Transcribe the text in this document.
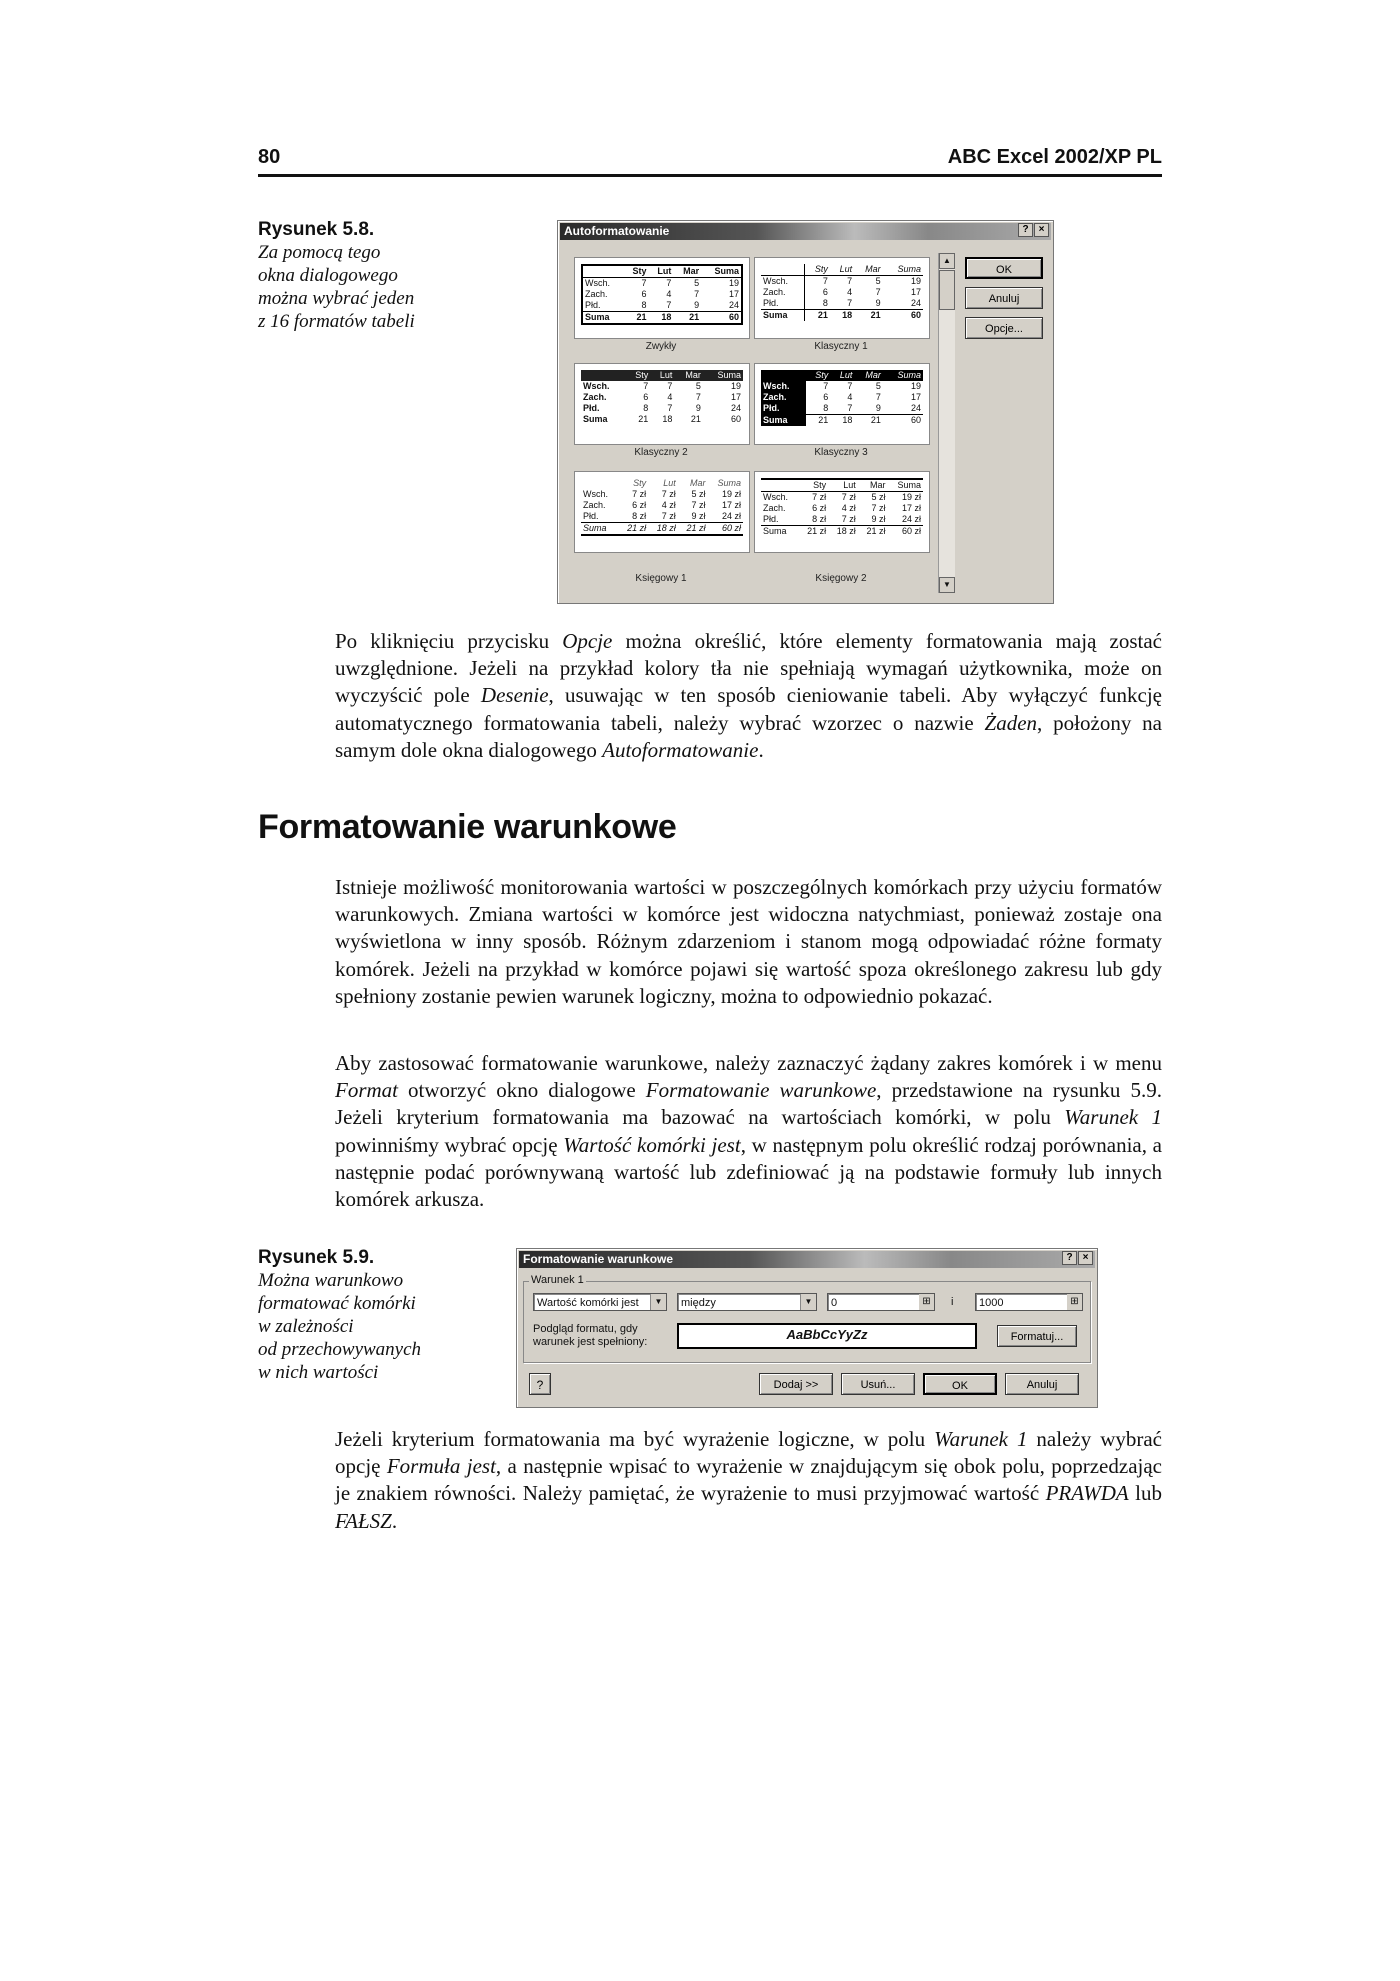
80	ABC Excel 2002/XP PL
Rysunek 5.8.
Za pomocą tego
okna dialogowego
można wybrać jeden
z 16 formatów tabeli
Autoformatowanie	?	×
	Sty	Lut	Mar	Suma
Wsch.	7	7	5	19
Zach.	6	4	7	17
Płd.	8	7	9	24
Suma	21	18	21	60
Zwykły
	Sty	Lut	Mar	Suma
Wsch.	7	7	5	19
Zach.	6	4	7	17
Płd.	8	7	9	24
Suma	21	18	21	60
Klasyczny 1
	Sty	Lut	Mar	Suma
Wsch.	7	7	5	19
Zach.	6	4	7	17
Płd.	8	7	9	24
Suma	21	18	21	60
Klasyczny 2
	Sty	Lut	Mar	Suma
Wsch.	7	7	5	19
Zach.	6	4	7	17
Płd.	8	7	9	24
Suma	21	18	21	60
Klasyczny 3
	Sty	Lut	Mar	Suma
Wsch.	7 zł	7 zł	5 zł	19 zł
Zach.	6 zł	4 zł	7 zł	17 zł
Płd.	8 zł	7 zł	9 zł	24 zł
Suma	21 zł	18 zł	21 zł	60 zł
Księgowy 1
	Sty	Lut	Mar	Suma
Wsch.	7 zł	7 zł	5 zł	19 zł
Zach.	6 zł	4 zł	7 zł	17 zł
Płd.	8 zł	7 zł	9 zł	24 zł
Suma	21 zł	18 zł	21 zł	60 zł
Księgowy 2
▲
▼
OK
Anuluj
Opcje...

Po kliknięciu przycisku Opcje można określić, które elementy formatowania mają zostać uwzględnione. Jeżeli na przykład kolory tła nie spełniają wymagań użytkownika, może on wyczyścić pole Desenie, usuwając w ten sposób cieniowanie tabeli. Aby wyłączyć funkcję automatycznego formatowania tabeli, należy wybrać wzorzec o nazwie Żaden, położony na samym dole okna dialogowego Autoformatowanie.

Formatowanie warunkowe

Istnieje możliwość monitorowania wartości w poszczególnych komórkach przy użyciu formatów warunkowych. Zmiana wartości w komórce jest widoczna natychmiast, ponieważ zostaje ona wyświetlona w inny sposób. Różnym zdarzeniom i stanom mogą odpowiadać różne formaty komórek. Jeżeli na przykład w komórce pojawi się wartość spoza określonego zakresu lub gdy spełniony zostanie pewien warunek logiczny, można to odpowiednio pokazać.

Aby zastosować formatowanie warunkowe, należy zaznaczyć żądany zakres komórek i w menu Format otworzyć okno dialogowe Formatowanie warunkowe, przedstawione na rysunku 5.9. Jeżeli kryterium formatowania ma bazować na wartościach komórki, w polu Warunek 1 powinniśmy wybrać opcję Wartość komórki jest, w następnym polu określić rodzaj porównania, a następnie podać porównywaną wartość lub zdefiniować ją na podstawie formuły lub innych komórek arkusza.

Rysunek 5.9.
Można warunkowo
formatować komórki
w zależności
od przechowywanych
w nich wartości
Formatowanie warunkowe	?	×
Warunek 1
Wartość komórki jest	▼	między	▼	0	⊞	i	1000	⊞
Podgląd formatu, gdy
warunek jest spełniony:	AaBbCcYyZz	Formatuj...
?	Dodaj >>	Usuń...	OK	Anuluj

Jeżeli kryterium formatowania ma być wyrażenie logiczne, w polu Warunek 1 należy wybrać opcję Formuła jest, a następnie wpisać to wyrażenie w znajdującym się obok polu, poprzedzając je znakiem równości. Należy pamiętać, że wyrażenie to musi przyjmować wartość PRAWDA lub FAŁSZ.
